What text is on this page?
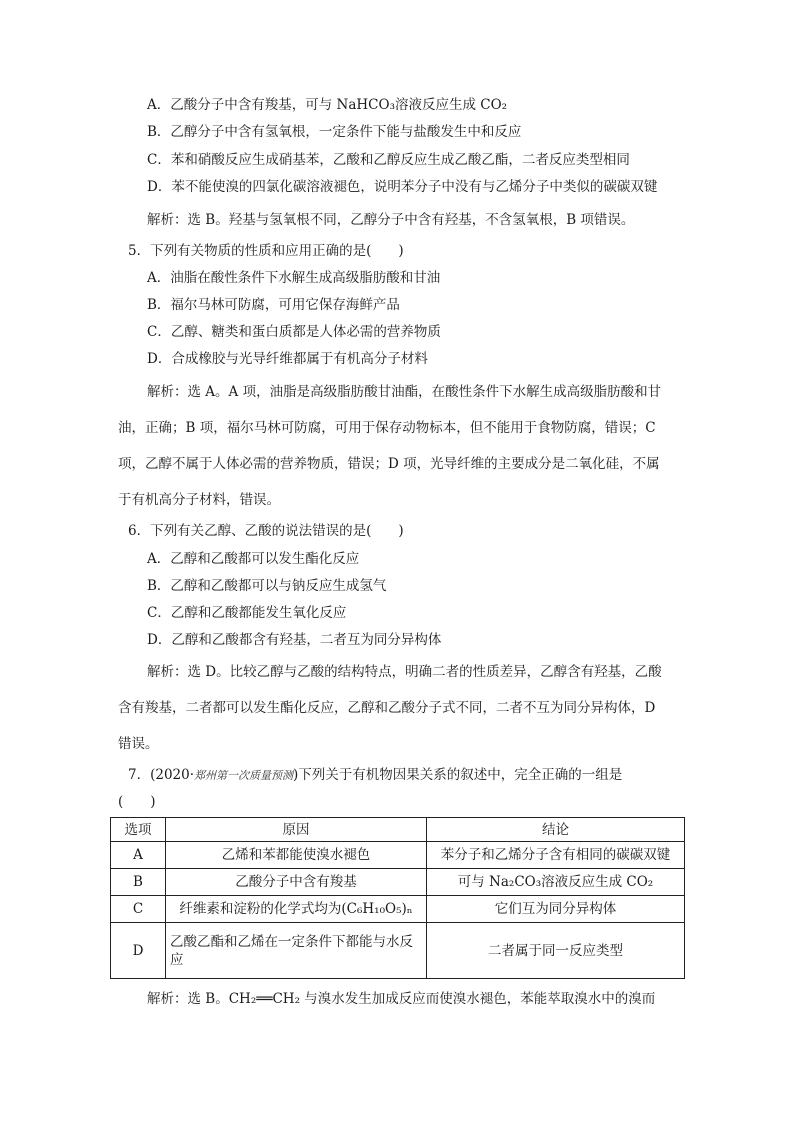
A．乙酸分子中含有羧基，可与 NaHCO₃溶液反应生成 CO₂
B．乙醇分子中含有氢氧根，一定条件下能与盐酸发生中和反应
C．苯和硝酸反应生成硝基苯，乙酸和乙醇反应生成乙酸乙酯，二者反应类型相同
D．苯不能使溴的四氯化碳溶液褪色，说明苯分子中没有与乙烯分子中类似的碳碳双键
解析：选 B。羟基与氢氧根不同，乙醇分子中含有羟基，不含氢氧根，B 项错误。
5．下列有关物质的性质和应用正确的是(　　)
A．油脂在酸性条件下水解生成高级脂肪酸和甘油
B．福尔马林可防腐，可用它保存海鲜产品
C．乙醇、糖类和蛋白质都是人体必需的营养物质
D．合成橡胶与光导纤维都属于有机高分子材料
解析：选 A。A 项，油脂是高级脂肪酸甘油酯，在酸性条件下水解生成高级脂肪酸和甘
油，正确；B 项，福尔马林可防腐，可用于保存动物标本，但不能用于食物防腐，错误；C
项，乙醇不属于人体必需的营养物质，错误；D 项，光导纤维的主要成分是二氧化硅，不属
于有机高分子材料，错误。
6．下列有关乙醇、乙酸的说法错误的是(　　)
A．乙醇和乙酸都可以发生酯化反应
B．乙醇和乙酸都可以与钠反应生成氢气
C．乙醇和乙酸都能发生氧化反应
D．乙醇和乙酸都含有羟基，二者互为同分异构体
解析：选 D。比较乙醇与乙酸的结构特点，明确二者的性质差异，乙醇含有羟基，乙酸
含有羧基，二者都可以发生酯化反应，乙醇和乙酸分子式不同，二者不互为同分异构体，D
错误。
7．(2020·郑州第一次质量预测)下列关于有机物因果关系的叙述中，完全正确的一组是
(　　)
选项	原因	结论
A	乙烯和苯都能使溴水褪色	苯分子和乙烯分子含有相同的碳碳双键
B	乙酸分子中含有羧基	可与 Na₂CO₃溶液反应生成 CO₂
C	纤维素和淀粉的化学式均为(C₆H₁₀O₅)ₙ	它们互为同分异构体
D	乙酸乙酯和乙烯在一定条件下都能与水反应	二者属于同一反应类型
解析：选 B。CH₂══CH₂ 与溴水发生加成反应而使溴水褪色，苯能萃取溴水中的溴而
